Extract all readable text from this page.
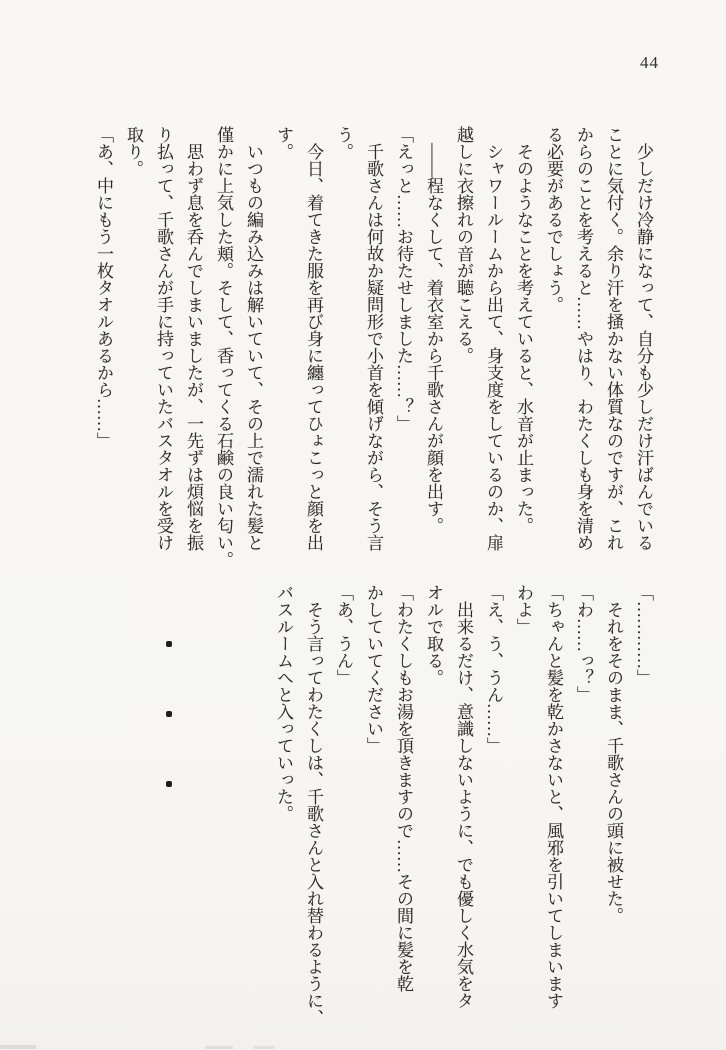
44

少しだけ冷静になって、自分も少しだけ汗ばんでいる

ことに気付く。余り汗を掻かない体質なのですが、これ

からのことを考えると……やはり、わたくしも身を清め

る必要があるでしょう。

そのようなことを考えていると、水音が止まった。

シャワールームから出て、身支度をしているのか、扉

越しに衣擦れの音が聴こえる。

――程なくして、着衣室から千歌さんが顔を出す。

「えっと……お待たせしました……？」

千歌さんは何故か疑問形で小首を傾げながら、そう言

う。

今日、着てきた服を再び身に纏ってひょこっと顔を出

す。

いつもの編み込みは解いていて、その上で濡れた髪と

僅かに上気した頬。そして、香ってくる石鹸の良い匂い。

思わず息を呑んでしまいましたが、一先ずは煩悩を振

り払って、千歌さんが手に持っていたバスタオルを受け

取り。

「あ、中にもう一枚タオルあるから……」

「…………」

それをそのまま、千歌さんの頭に被せた。

「わ……っ？」

「ちゃんと髪を乾かさないと、風邪を引いてしまいます

わよ」

「え、う、うん……」

出来るだけ、意識しないように、でも優しく水気をタ

オルで取る。

「わたくしもお湯を頂きますので……その間に髪を乾

かしていてください」

「あ、うん」

そう言ってわたくしは、千歌さんと入れ替わるように、

バスルームへと入っていった。
